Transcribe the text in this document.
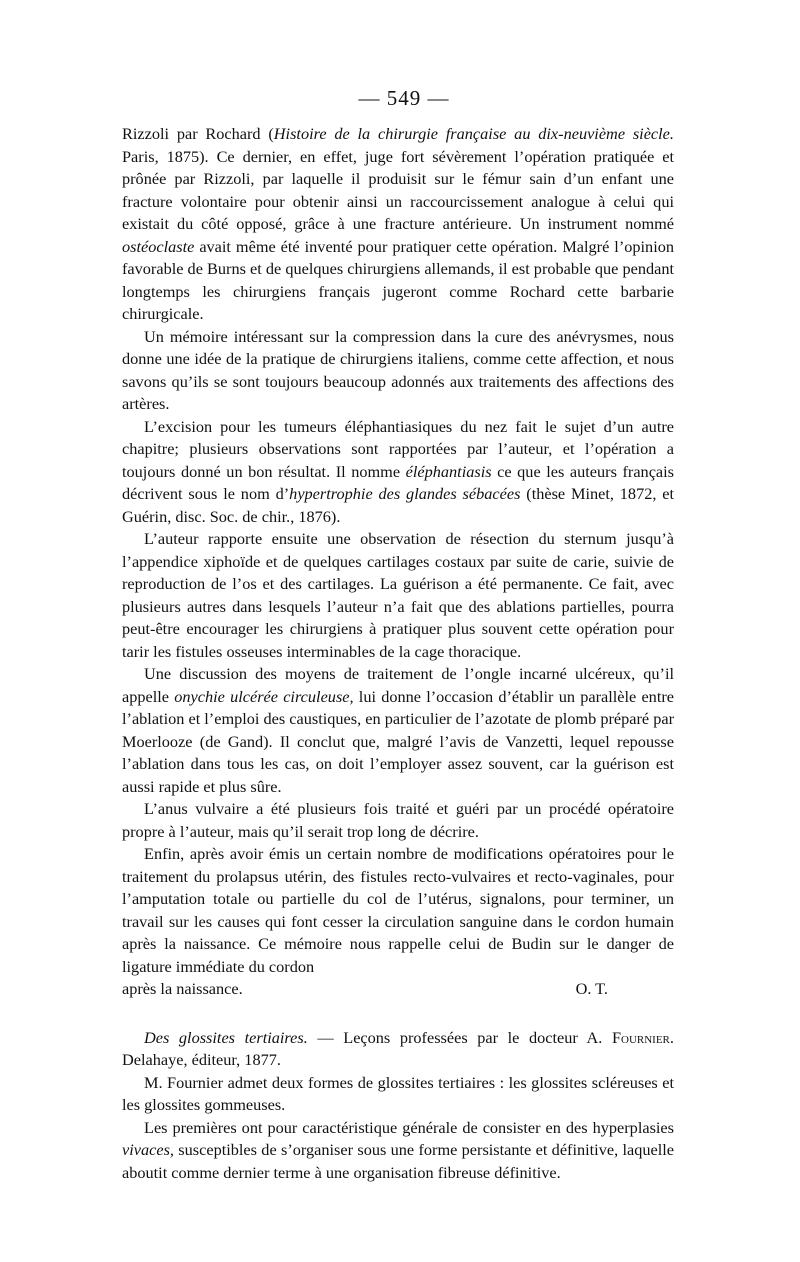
— 549 —

Rizzoli par Rochard (Histoire de la chirurgie française au dix-neuvième siècle. Paris, 1875). Ce dernier, en effet, juge fort sévèrement l’opération pratiquée et prônée par Rizzoli, par laquelle il produisit sur le fémur sain d’un enfant une fracture volontaire pour obtenir ainsi un raccourcissement analogue à celui qui existait du côté opposé, grâce à une fracture antérieure. Un instrument nommé ostéoclaste avait même été inventé pour pratiquer cette opération. Malgré l’opinion favorable de Burns et de quelques chirurgiens allemands, il est probable que pendant longtemps les chirurgiens français jugeront comme Rochard cette barbarie chirurgicale.

Un mémoire intéressant sur la compression dans la cure des anévrysmes, nous donne une idée de la pratique de chirurgiens italiens, comme cette affection, et nous savons qu’ils se sont toujours beaucoup adonnés aux traitements des affections des artères.

L’excision pour les tumeurs éléphantiasiques du nez fait le sujet d’un autre chapitre; plusieurs observations sont rapportées par l’auteur, et l’opération a toujours donné un bon résultat. Il nomme éléphantiasis ce que les auteurs français décrivent sous le nom d’hypertrophie des glandes sébacées (thèse Minet, 1872, et Guérin, disc. Soc. de chir., 1876).

L’auteur rapporte ensuite une observation de résection du sternum jusqu’à l’appendice xiphoïde et de quelques cartilages costaux par suite de carie, suivie de reproduction de l’os et des cartilages. La guérison a été permanente. Ce fait, avec plusieurs autres dans lesquels l’auteur n’a fait que des ablations partielles, pourra peut-être encourager les chirurgiens à pratiquer plus souvent cette opération pour tarir les fistules osseuses interminables de la cage thoracique.

Une discussion des moyens de traitement de l’ongle incarné ulcéreux, qu’il appelle onychie ulcérée circuleuse, lui donne l’occasion d’établir un parallèle entre l’ablation et l’emploi des caustiques, en particulier de l’azotate de plomb préparé par Moerlooze (de Gand). Il conclut que, malgré l’avis de Vanzetti, lequel repousse l’ablation dans tous les cas, on doit l’employer assez souvent, car la guérison est aussi rapide et plus sûre.

L’anus vulvaire a été plusieurs fois traité et guéri par un procédé opératoire propre à l’auteur, mais qu’il serait trop long de décrire.

Enfin, après avoir émis un certain nombre de modifications opératoires pour le traitement du prolapsus utérin, des fistules recto-vulvaires et recto-vaginales, pour l’amputation totale ou partielle du col de l’utérus, signalons, pour terminer, un travail sur les causes qui font cesser la circulation sanguine dans le cordon humain après la naissance. Ce mémoire nous rappelle celui de Budin sur le danger de ligature immédiate du cordon

après la naissance.	O. T.

Des glossites tertiaires. — Leçons professées par le docteur A. Fournier. Delahaye, éditeur, 1877.

M. Fournier admet deux formes de glossites tertiaires : les glossites scléreuses et les glossites gommeuses.

Les premières ont pour caractéristique générale de consister en des hyperplasies vivaces, susceptibles de s’organiser sous une forme persistante et définitive, laquelle aboutit comme dernier terme à une organisation fibreuse définitive.
